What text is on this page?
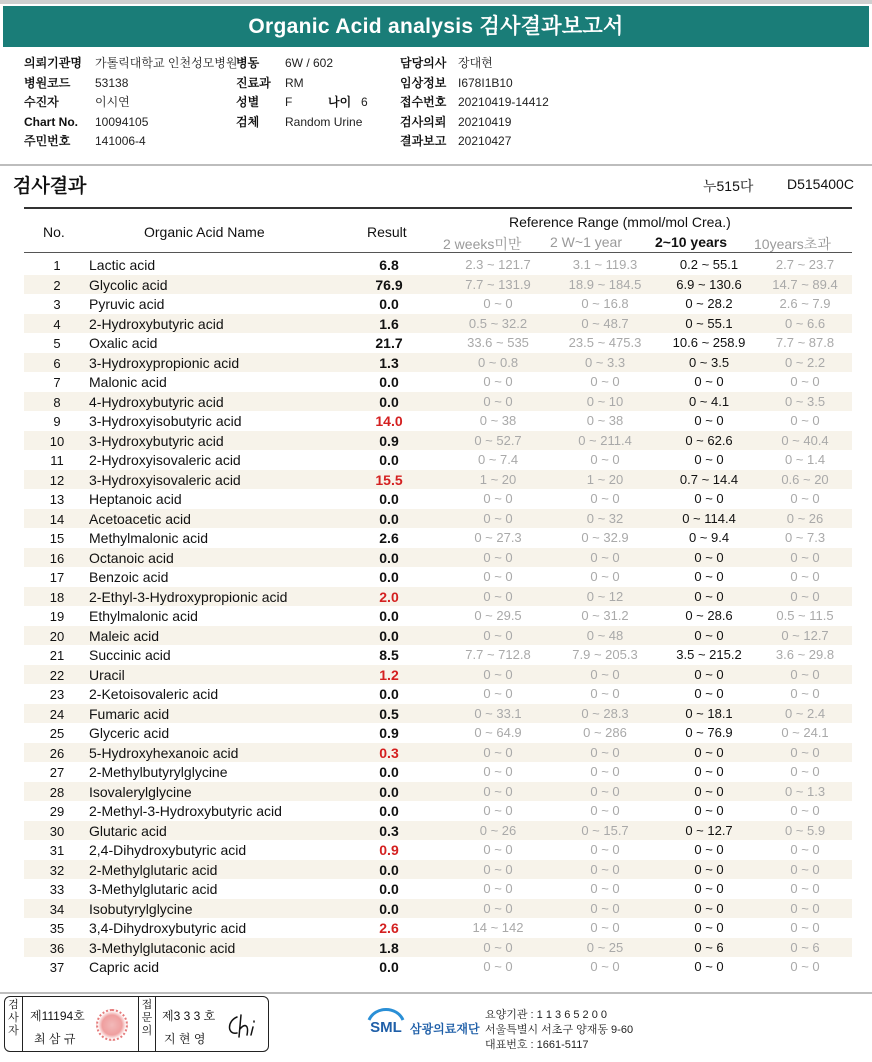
Organic Acid analysis 검사결과보고서
의뢰기관명 가톨릭대학교 인천성모병원
병동 6W / 602	담당의사 장대현
병원코드 53138	진료과 RM	임상정보 I678I1B10
수진자	이시연	성별 F	나이 6	접수번호 20210419-14412
Chart No. 10094105	검체 Random Urine	검사의뢰 20210419
주민번호 141006-4	결과보고 20210427
검사결과	누515다 D515400C
No.	Organic Acid Name	Result
Reference Range (mmol/mol Crea.)
2 weeks미만 2 W~1 year 2~10 years 10years초과
1	Lactic acid	6.8	2.3 ~ 121.7	3.1 ~ 119.3	0.2 ~ 55.1	2.7 ~ 23.7
2	Glycolic acid	76.9	7.7 ~ 131.9	18.9 ~ 184.5	6.9 ~ 130.6	14.7 ~ 89.4
3	Pyruvic acid	0.0	0 ~ 0	0 ~ 16.8	0 ~ 28.2	2.6 ~ 7.9
4	2-Hydroxybutyric acid	1.6	0.5 ~ 32.2	0 ~ 48.7	0 ~ 55.1	0 ~ 6.6
5	Oxalic acid	21.7	33.6 ~ 535	23.5 ~ 475.3	10.6 ~ 258.9	7.7 ~ 87.8
6	3-Hydroxypropionic acid	1.3	0 ~ 0.8	0 ~ 3.3	0 ~ 3.5	0 ~ 2.2
7	Malonic acid	0.0	0 ~ 0	0 ~ 0	0 ~ 0	0 ~ 0
8	4-Hydroxybutyric acid	0.0	0 ~ 0	0 ~ 10	0 ~ 4.1	0 ~ 3.5
9	3-Hydroxyisobutyric acid	14.0	0 ~ 38	0 ~ 38	0 ~ 0	0 ~ 0
10	3-Hydroxybutyric acid	0.9	0 ~ 52.7	0 ~ 211.4	0 ~ 62.6	0 ~ 40.4
11	2-Hydroxyisovaleric acid	0.0	0 ~ 7.4	0 ~ 0	0 ~ 0	0 ~ 1.4
12	3-Hydroxyisovaleric acid	15.5	1 ~ 20	1 ~ 20	0.7 ~ 14.4	0.6 ~ 20
13	Heptanoic acid	0.0	0 ~ 0	0 ~ 0	0 ~ 0	0 ~ 0
14	Acetoacetic acid	0.0	0 ~ 0	0 ~ 32	0 ~ 114.4	0 ~ 26
15	Methylmalonic acid	2.6	0 ~ 27.3	0 ~ 32.9	0 ~ 9.4	0 ~ 7.3
16	Octanoic acid	0.0	0 ~ 0	0 ~ 0	0 ~ 0	0 ~ 0
17	Benzoic acid	0.0	0 ~ 0	0 ~ 0	0 ~ 0	0 ~ 0
18	2-Ethyl-3-Hydroxypropionic acid	2.0	0 ~ 0	0 ~ 12	0 ~ 0	0 ~ 0
19	Ethylmalonic acid	0.0	0 ~ 29.5	0 ~ 31.2	0 ~ 28.6	0.5 ~ 11.5
20	Maleic acid	0.0	0 ~ 0	0 ~ 48	0 ~ 0	0 ~ 12.7
21	Succinic acid	8.5	7.7 ~ 712.8	7.9 ~ 205.3	3.5 ~ 215.2	3.6 ~ 29.8
22	Uracil	1.2	0 ~ 0	0 ~ 0	0 ~ 0	0 ~ 0
23	2-Ketoisovaleric acid	0.0	0 ~ 0	0 ~ 0	0 ~ 0	0 ~ 0
24	Fumaric acid	0.5	0 ~ 33.1	0 ~ 28.3	0 ~ 18.1	0 ~ 2.4
25	Glyceric acid	0.9	0 ~ 64.9	0 ~ 286	0 ~ 76.9	0 ~ 24.1
26	5-Hydroxyhexanoic acid	0.3	0 ~ 0	0 ~ 0	0 ~ 0	0 ~ 0
27	2-Methylbutyrylglycine	0.0	0 ~ 0	0 ~ 0	0 ~ 0	0 ~ 0
28	Isovalerylglycine	0.0	0 ~ 0	0 ~ 0	0 ~ 0	0 ~ 1.3
29	2-Methyl-3-Hydroxybutyric acid	0.0	0 ~ 0	0 ~ 0	0 ~ 0	0 ~ 0
30	Glutaric acid	0.3	0 ~ 26	0 ~ 15.7	0 ~ 12.7	0 ~ 5.9
31	2,4-Dihydroxybutyric acid	0.9	0 ~ 0	0 ~ 0	0 ~ 0	0 ~ 0
32	2-Methylglutaric acid	0.0	0 ~ 0	0 ~ 0	0 ~ 0	0 ~ 0
33	3-Methylglutaric acid	0.0	0 ~ 0	0 ~ 0	0 ~ 0	0 ~ 0
34	Isobutyrylglycine	0.0	0 ~ 0	0 ~ 0	0 ~ 0	0 ~ 0
35	3,4-Dihydroxybutyric acid	2.6	14 ~ 142	0 ~ 0	0 ~ 0	0 ~ 0
36	3-Methylglutaconic acid	1.8	0 ~ 0	0 ~ 25	0 ~ 6	0 ~ 6
37	Capric acid	0.0	0 ~ 0	0 ~ 0	0 ~ 0	0 ~ 0
검사자
제11194호
최 삼 규
접문의
제3 3 3 호
지 현 영
SML 삼광의료재단
요양기관 : 1 1 3 6 5 2 0 0
서울특별시 서초구 양재동 9-60
대표번호 : 1661-5117
